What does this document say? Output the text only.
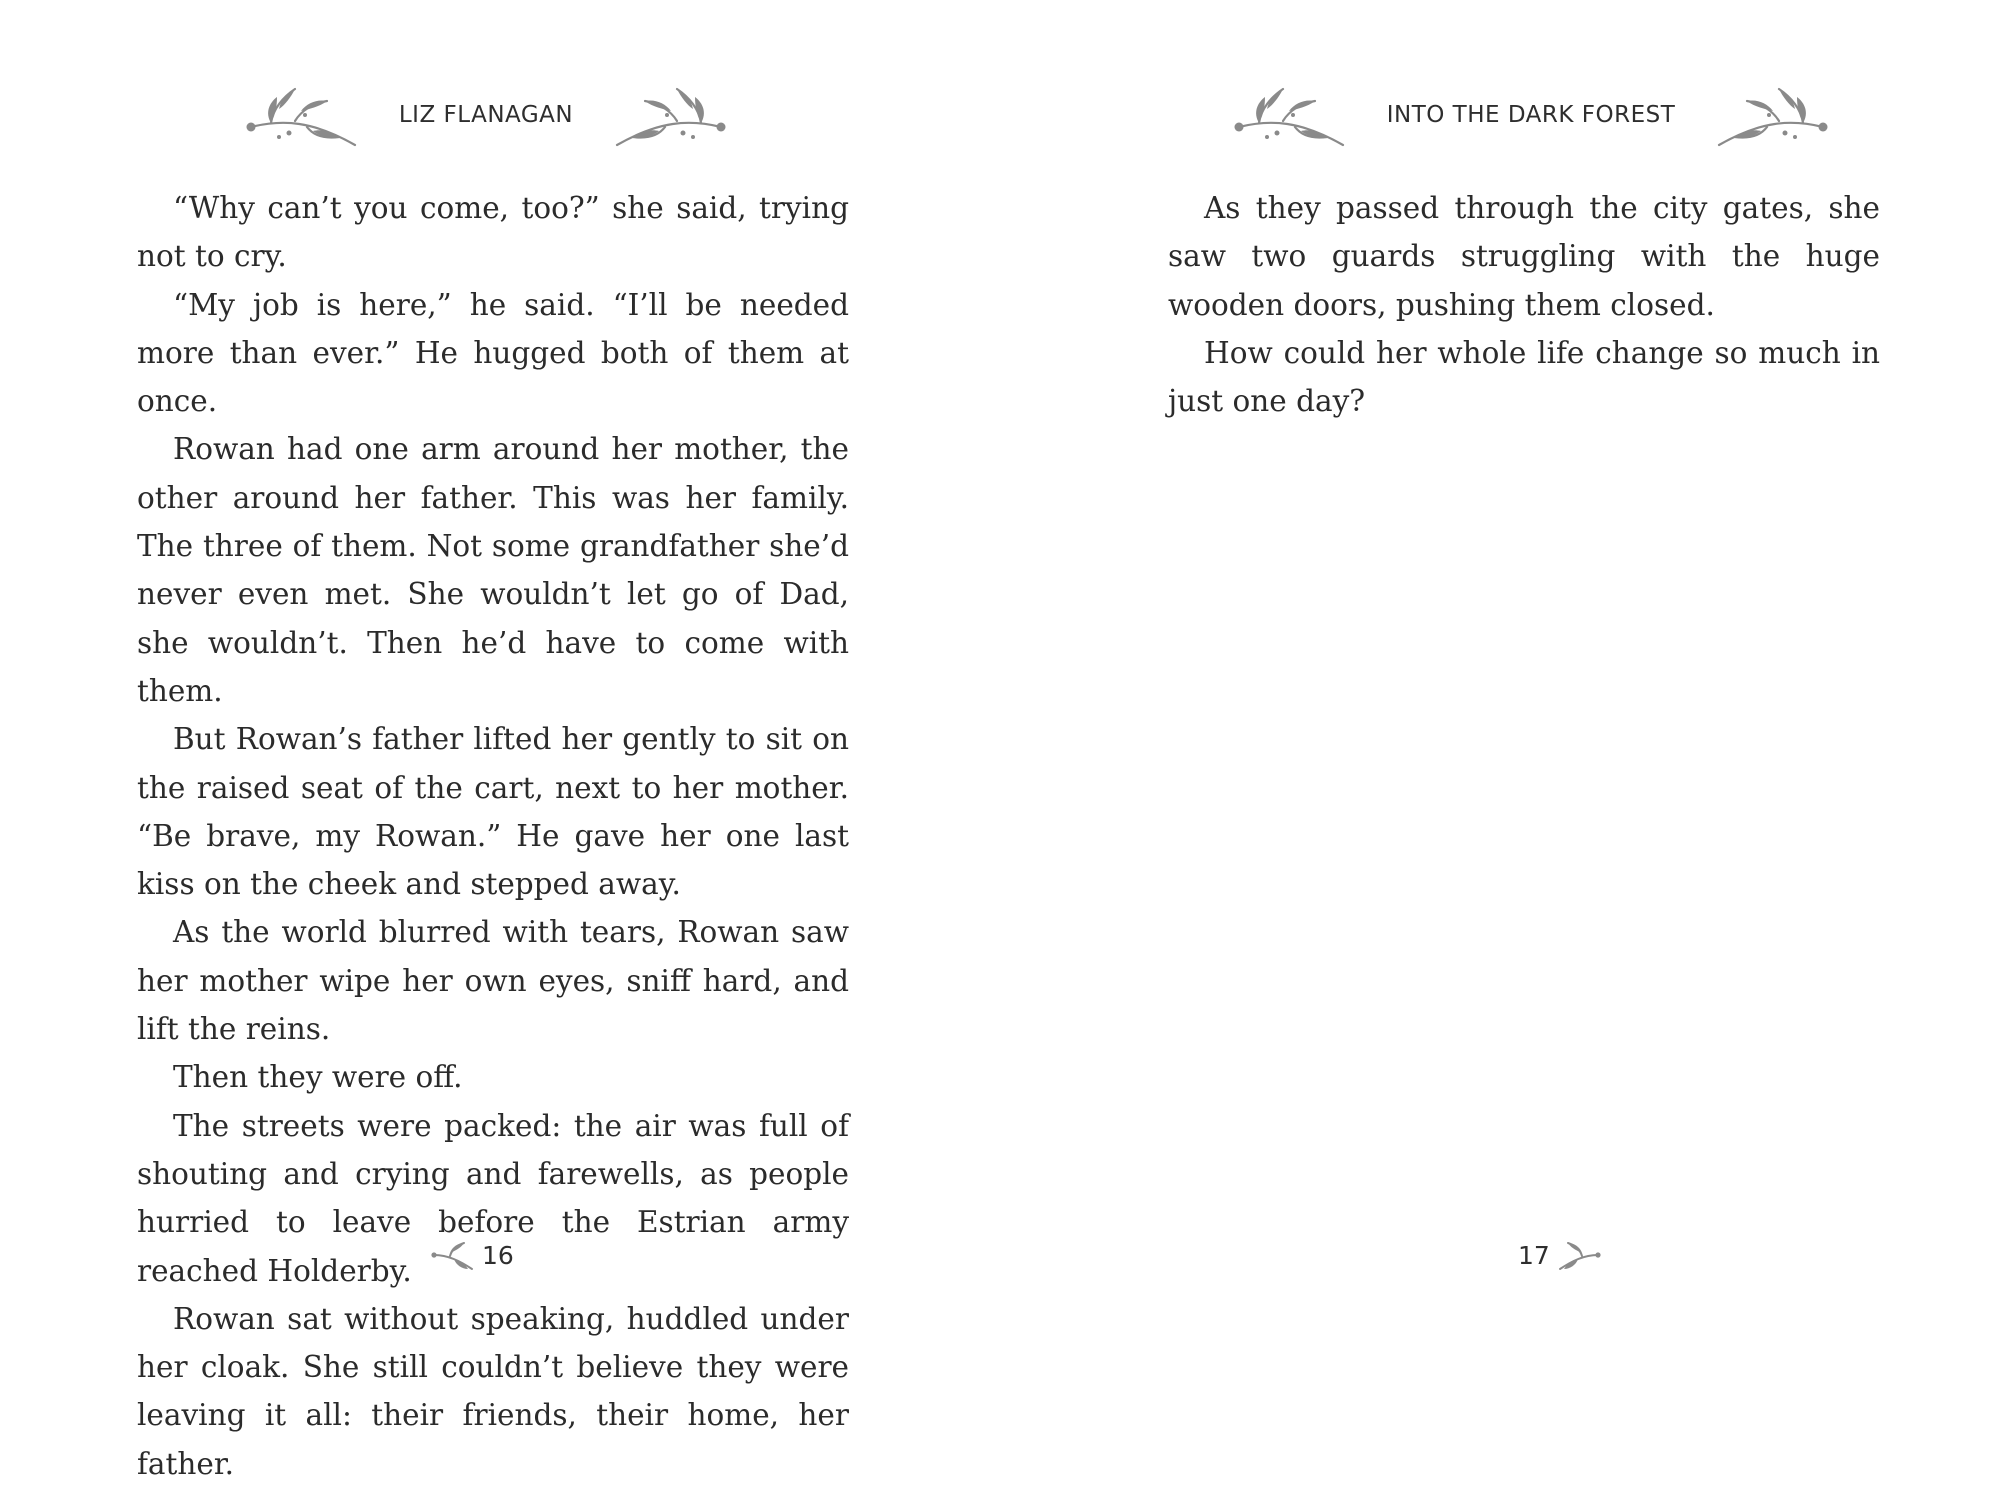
LIZ FLANAGAN

“Why can’t you come, too?” she said, trying not to cry.

“My job is here,” he said. “I’ll be needed more than ever.” He hugged both of them at once.

Rowan had one arm around her mother, the other around her father. This was her family. The three of them. Not some grandfather she’d never even met. She wouldn’t let go of Dad, she wouldn’t. Then he’d have to come with them.

But Rowan’s father lifted her gently to sit on the raised seat of the cart, next to her mother. “Be brave, my Rowan.” He gave her one last kiss on the cheek and stepped away.

As the world blurred with tears, Rowan saw her mother wipe her own eyes, sniff hard, and lift the reins.

Then they were off.

The streets were packed: the air was full of shouting and crying and farewells, as people hurried to leave before the Estrian army reached Holderby.

Rowan sat without speaking, huddled under her cloak. She still couldn’t believe they were leaving it all: their friends, their home, her father.

16
INTO THE DARK FOREST

As they passed through the city gates, she saw two guards struggling with the huge wooden doors, pushing them closed.

How could her whole life change so much in just one day?

17
